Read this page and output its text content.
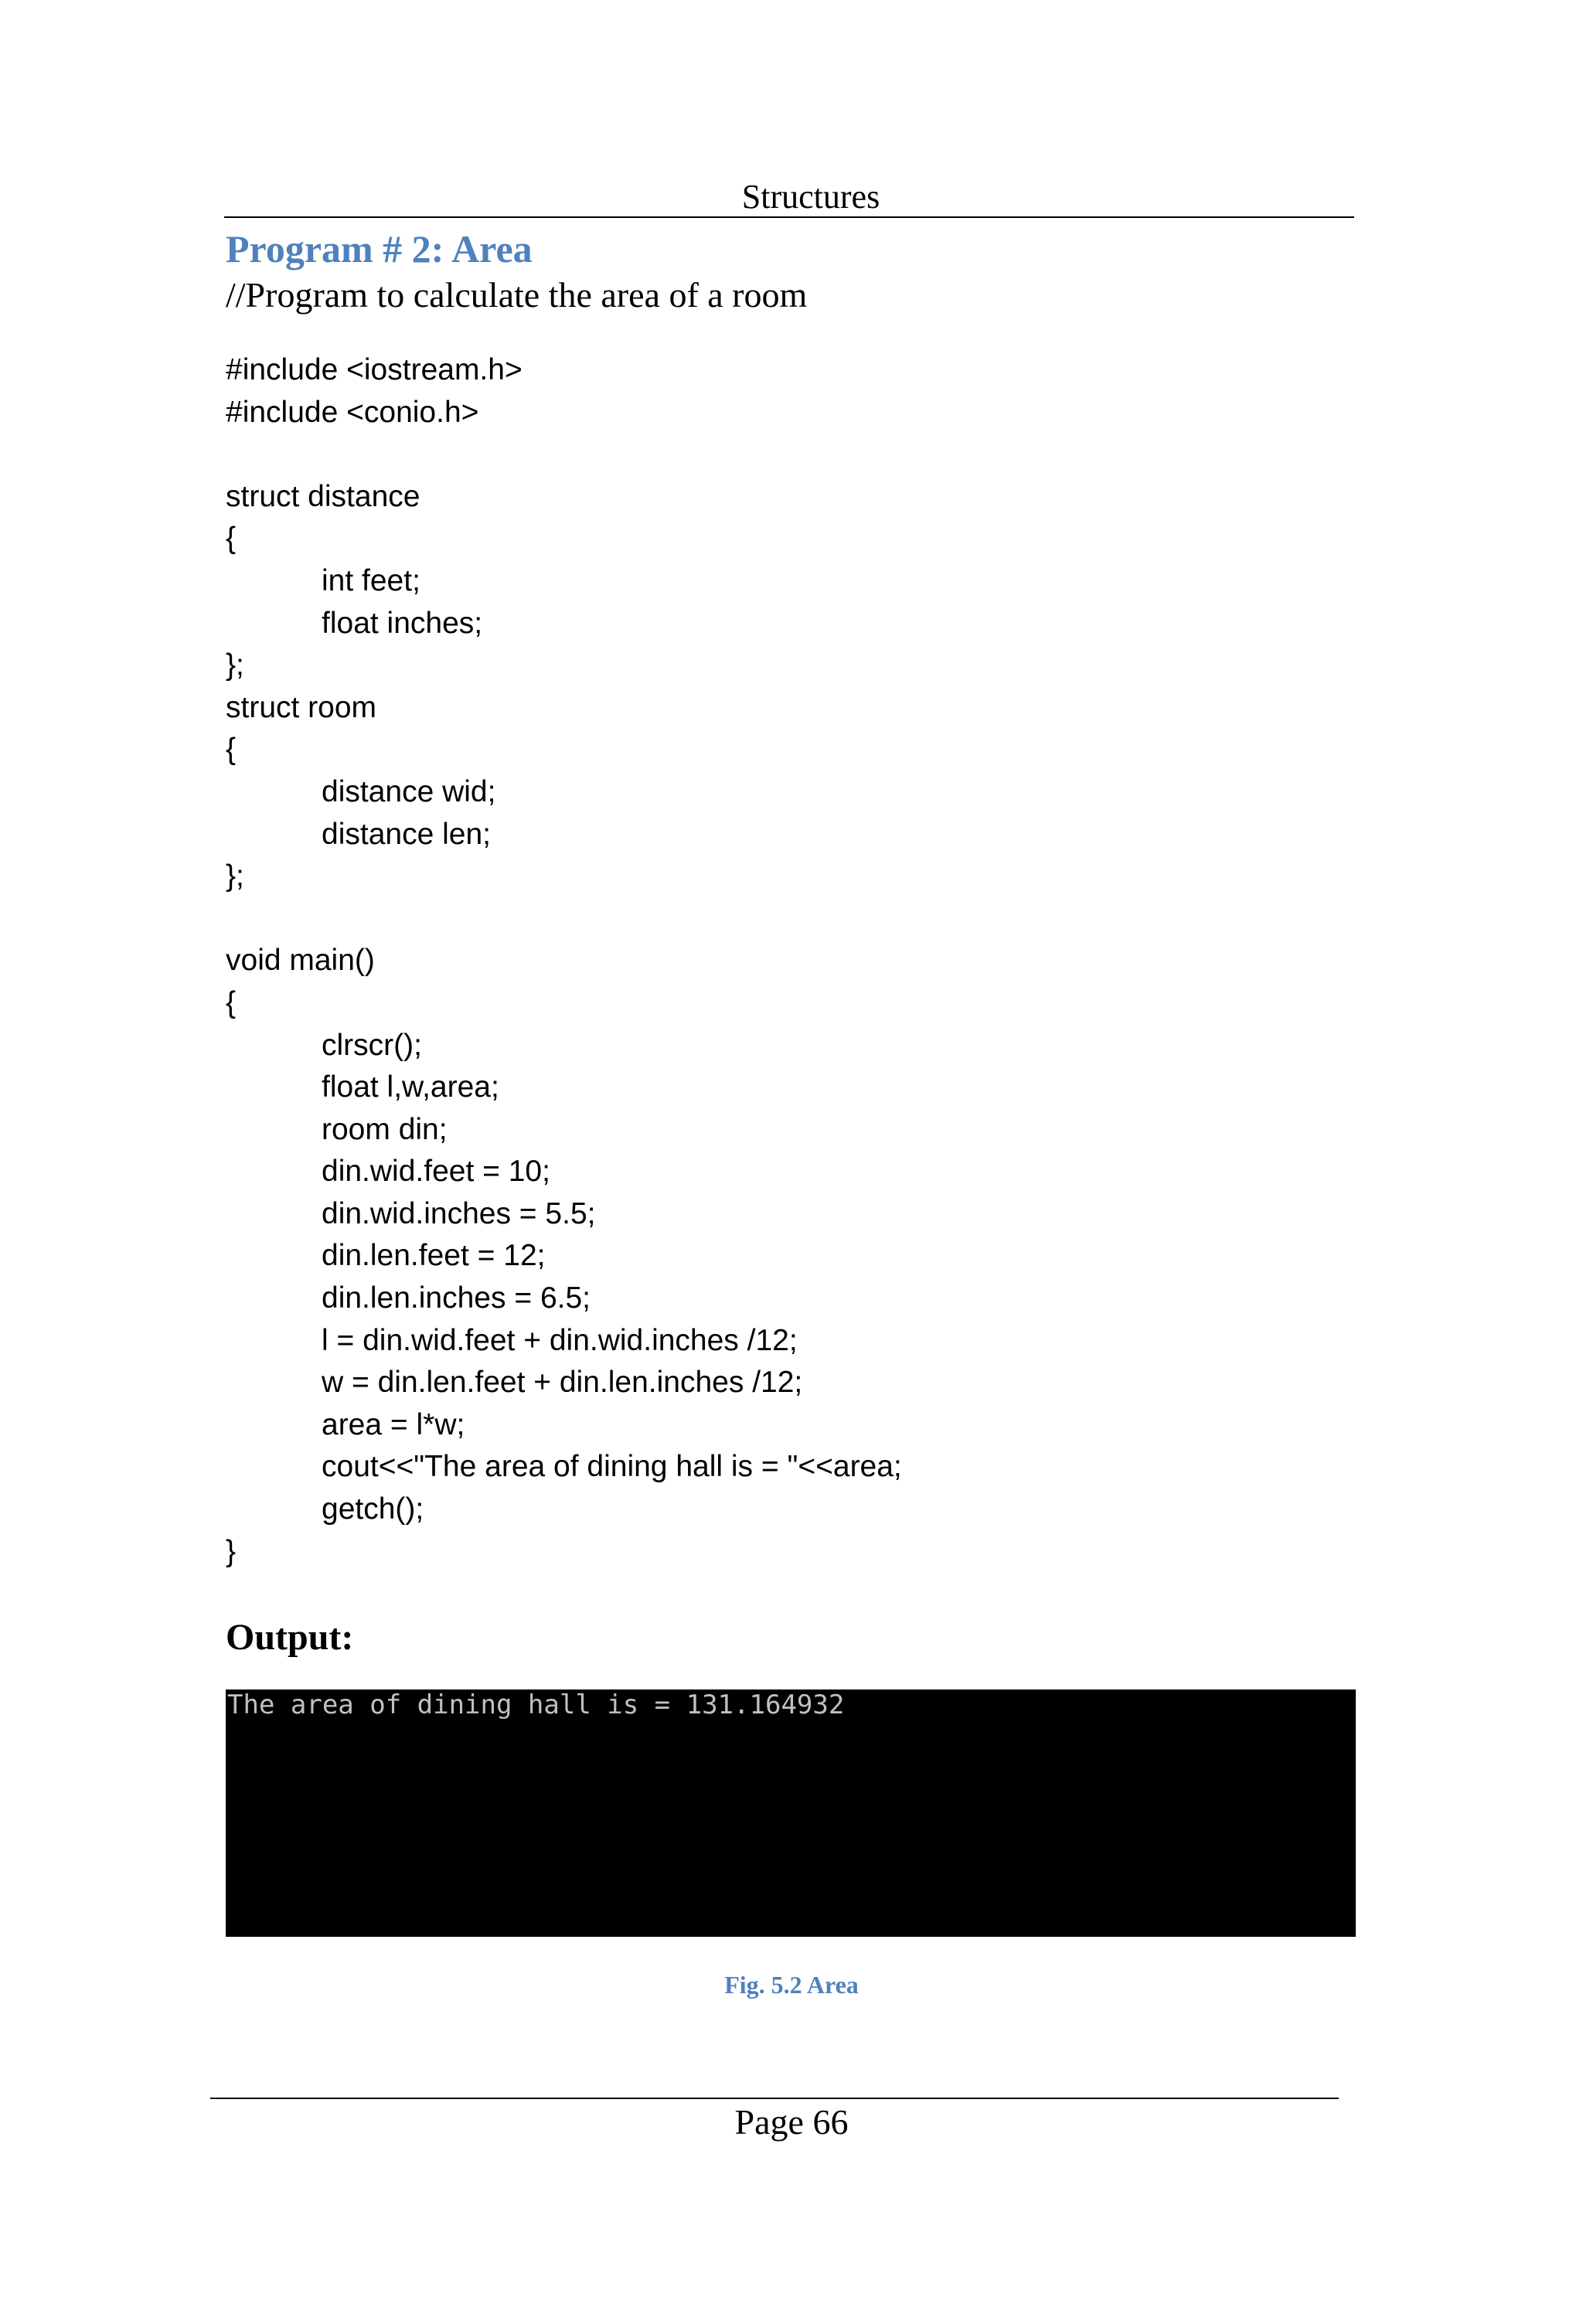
Structures
Program # 2: Area
//Program to calculate the area of a room
#include <iostream.h>
#include <conio.h>
struct distance
{
int feet;
float inches;
};
struct room
{
distance wid;
distance len;
};
void main()
{
clrscr();
float l,w,area;
room din;
din.wid.feet = 10;
din.wid.inches = 5.5;
din.len.feet = 12;
din.len.inches = 6.5;
l = din.wid.feet + din.wid.inches /12;
w = din.len.feet + din.len.inches /12;
area = l*w;
cout<<"The area of dining hall is = "<<area;
getch();
}
Output:
The area of dining hall is = 131.164932
Fig. 5.2 Area
Page 66
